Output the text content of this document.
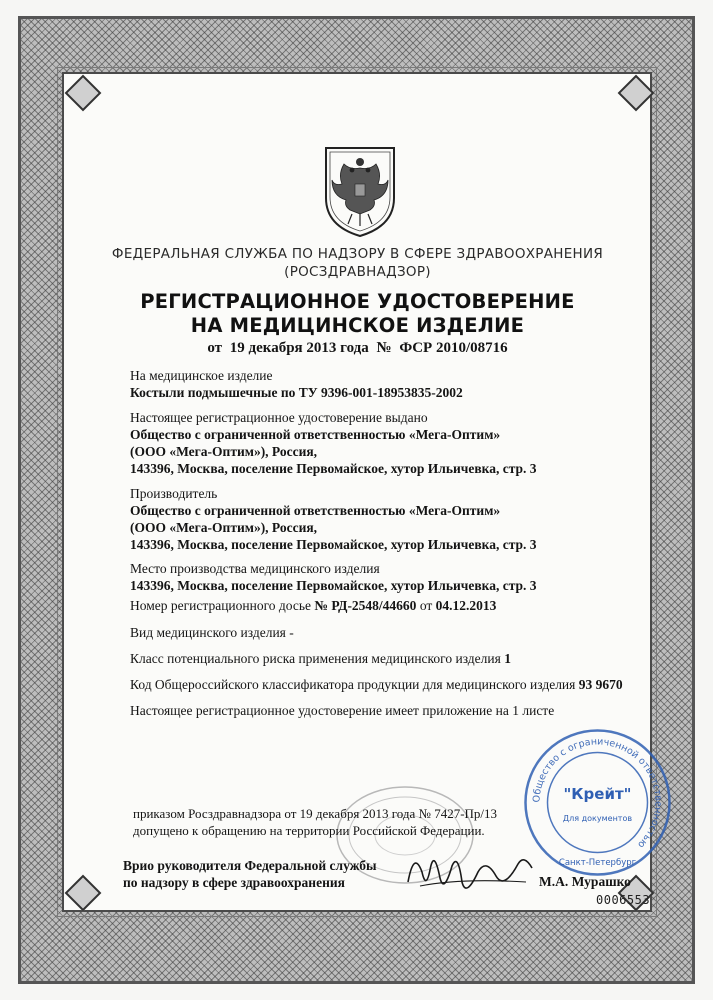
ФЕДЕРАЛЬНАЯ СЛУЖБА ПО НАДЗОРУ В СФЕРЕ ЗДРАВООХРАНЕНИЯ
(РОСЗДРАВНАДЗОР)
РЕГИСТРАЦИОННОЕ УДОСТОВЕРЕНИЕ
НА МЕДИЦИНСКОЕ ИЗДЕЛИЕ
от 19 декабря 2013 года № ФСР 2010/08716
На медицинское изделие
Костыли подмышечные по ТУ 9396-001-18953835-2002
Настоящее регистрационное удостоверение выдано
Общество с ограниченной ответственностью «Мега-Оптим»
(ООО «Мега-Оптим»), Россия,
143396, Москва, поселение Первомайское, хутор Ильичевка, стр. 3
Производитель
Общество с ограниченной ответственностью «Мега-Оптим»
(ООО «Мега-Оптим»), Россия,
143396, Москва, поселение Первомайское, хутор Ильичевка, стр. 3
Место производства медицинского изделия
143396, Москва, поселение Первомайское, хутор Ильичевка, стр. 3
Номер регистрационного досье № РД-2548/44660 от 04.12.2013
Вид медицинского изделия -
Класс потенциального риска применения медицинского изделия 1
Код Общероссийского классификатора продукции для медицинского изделия 93 9670
Настоящее регистрационное удостоверение имеет приложение на 1 листе
приказом Росздравнадзора от 19 декабря 2013 года № 7427-Пр/13
допущено к обращению на территории Российской Федерации.
Врио руководителя Федеральной службы
по надзору в сфере здравоохранения	М.А. Мурашко
0006553
Общество с ограниченной ответственностью
"Крейт"
Для документов
Санкт-Петербург
